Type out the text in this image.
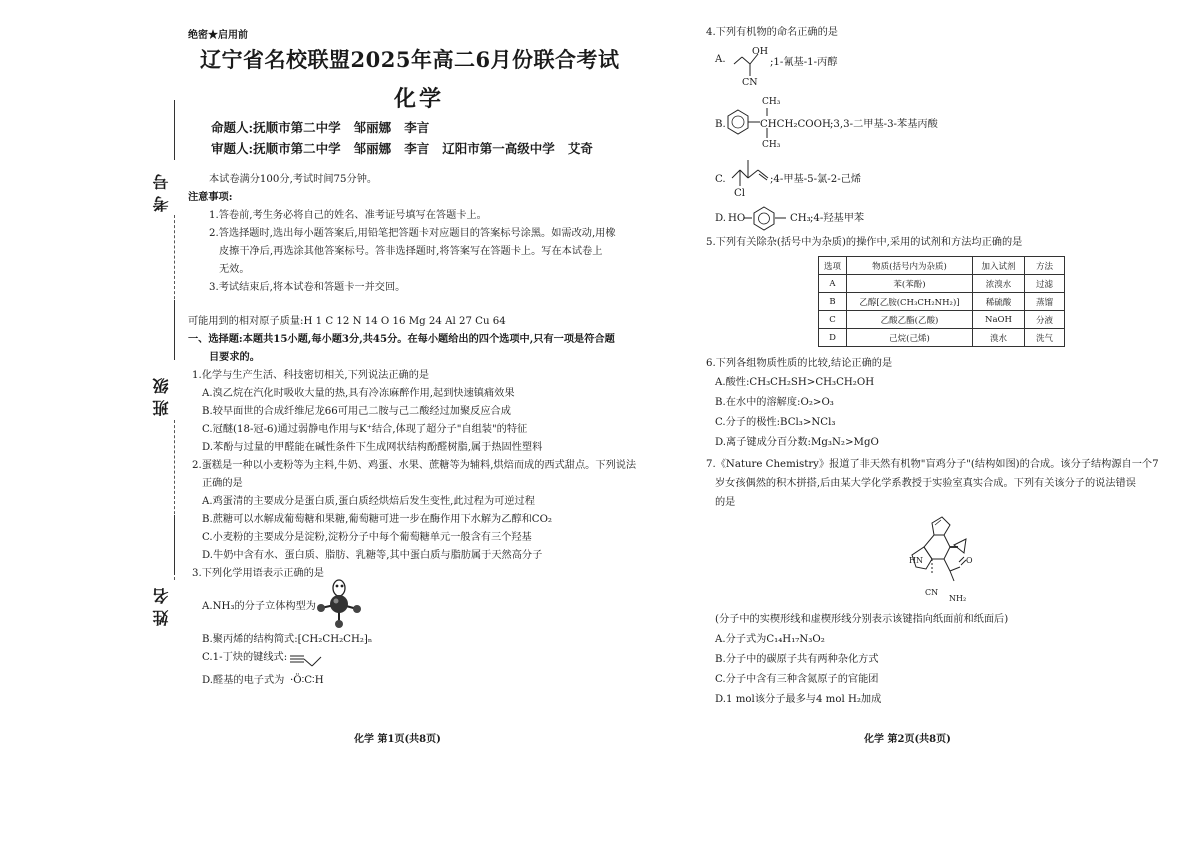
考号
班级
姓名
绝密★启用前
辽宁省名校联盟2025年高二6月份联合考试
化学
命题人:抚顺市第二中学   邹丽娜   李言
审题人:抚顺市第二中学   邹丽娜   李言   辽阳市第一高级中学   艾奇
本试卷满分100分,考试时间75分钟。
注意事项:
1.答卷前,考生务必将自己的姓名、准考证号填写在答题卡上。
2.答选择题时,选出每小题答案后,用铅笔把答题卡对应题目的答案标号涂黑。如需改动,用橡
皮擦干净后,再选涂其他答案标号。答非选择题时,将答案写在答题卡上。写在本试卷上
无效。
3.考试结束后,将本试卷和答题卡一并交回。
可能用到的相对原子质量:H 1 C 12 N 14 O 16 Mg 24 Al 27 Cu 64
一、选择题:本题共15小题,每小题3分,共45分。在每小题给出的四个选项中,只有一项是符合题
目要求的。
1.化学与生产生活、科技密切相关,下列说法正确的是
A.溴乙烷在汽化时吸收大量的热,具有冷冻麻醉作用,起到快速镇痛效果
B.较早面世的合成纤维尼龙66可用己二胺与己二酸经过加聚反应合成
C.冠醚(18-冠-6)通过弱静电作用与K⁺结合,体现了超分子"自组装"的特征
D.苯酚与过量的甲醛能在碱性条件下生成网状结构酚醛树脂,属于热固性塑料
2.蛋糕是一种以小麦粉等为主料,牛奶、鸡蛋、水果、蔗糖等为辅料,烘焙而成的西式甜点。下列说法
正确的是
A.鸡蛋清的主要成分是蛋白质,蛋白质经烘焙后发生变性,此过程为可逆过程
B.蔗糖可以水解成葡萄糖和果糖,葡萄糖可进一步在酶作用下水解为乙醇和CO₂
C.小麦粉的主要成分是淀粉,淀粉分子中每个葡萄糖单元一般含有三个羟基
D.牛奶中含有水、蛋白质、脂肪、乳糖等,其中蛋白质与脂肪属于天然高分子
3.下列化学用语表示正确的是
A.NH₃的分子立体构型为
B.聚丙烯的结构简式:⁅CH₂CH₂CH₂⁆ₙ
C.1-丁炔的键线式:
D.醛基的电子式为 ·Ö∶C∶H
化学 第1页(共8页)
4.下列有机物的命名正确的是
A.
OH
CN
;1-氰基-1-丙醇
B.
CH₃
CHCH₂COOH ;3,3-二甲基-3-苯基丙酸
CH₃
C.
Cl
;4-甲基-5-氯-2-己烯
D. HO	CH₃ ;4-羟基甲苯
5.下列有关除杂(括号中为杂质)的操作中,采用的试剂和方法均正确的是
选项	物质(括号内为杂质)	加入试剂	方法
A	苯(苯酚)	浓溴水	过滤
B	乙醇[乙胺(CH₃CH₂NH₂)]	稀硫酸	蒸馏
C	乙酸乙酯(乙酸)	NaOH	分液
D	己烷(己烯)	溴水	洗气
6.下列各组物质性质的比较,结论正确的是
A.酸性:CH₃CH₂SH>CH₃CH₂OH
B.在水中的溶解度:O₂>O₃
C.分子的极性:BCl₃>NCl₃
D.离子键成分百分数:Mg₃N₂>MgO
7.《Nature Chemistry》报道了非天然有机物"盲鸡分子"(结构如图)的合成。该分子结构源自一个7
岁女孩偶然的积木拼搭,后由某大学化学系教授于实验室真实合成。下列有关该分子的说法错误
的是
HN
CN
NH₂
O
(分子中的实楔形线和虚楔形线分别表示该键指向纸面前和纸面后)
A.分子式为C₁₄H₁₇N₃O₂
B.分子中的碳原子共有两种杂化方式
C.分子中含有三种含氮原子的官能团
D.1 mol该分子最多与4 mol H₂加成
化学 第2页(共8页)
